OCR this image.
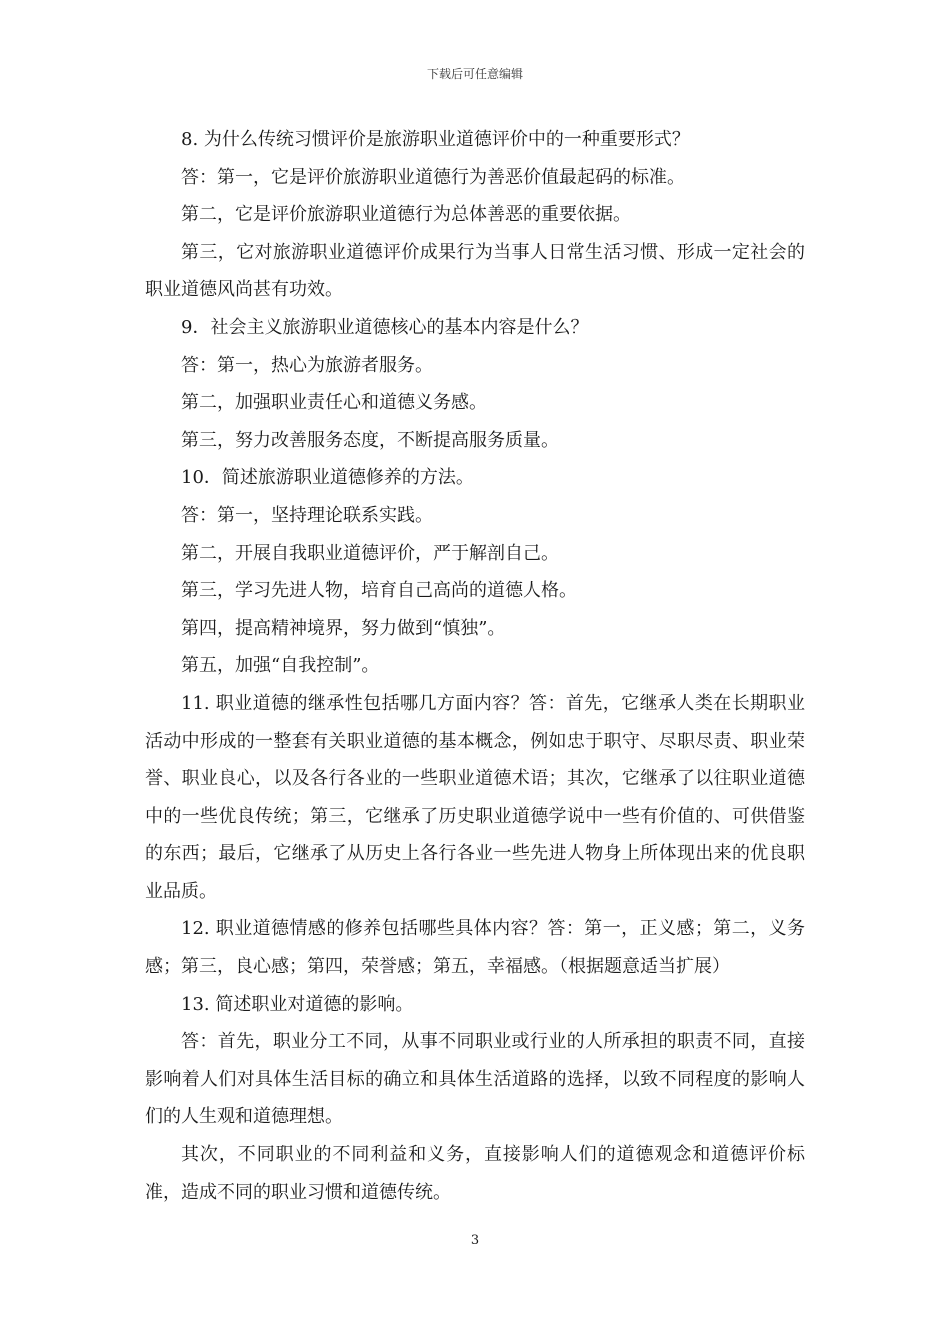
下载后可任意编辑
8. 为什么传统习惯评价是旅游职业道德评价中的一种重要形式？
答：第一，它是评价旅游职业道德行为善恶价值最起码的标准。
第二，它是评价旅游职业道德行为总体善恶的重要依据。

第三，它对旅游职业道德评价成果行为当事人日常生活习惯、形成一定社会的职业道德风尚甚有功效。

9．社会主义旅游职业道德核心的基本内容是什么？
答：第一，热心为旅游者服务。
第二，加强职业责任心和道德义务感。
第三，努力改善服务态度，不断提高服务质量。
10．简述旅游职业道德修养的方法。
答：第一，坚持理论联系实践。
第二，开展自我职业道德评价，严于解剖自己。
第三，学习先进人物，培育自己高尚的道德人格。
第四，提高精神境界，努力做到“慎独”。
第五，加强“自我控制”。

11. 职业道德的继承性包括哪几方面内容？答：首先，它继承人类在长期职业活动中形成的一整套有关职业道德的基本概念，例如忠于职守、尽职尽责、职业荣誉、职业良心，以及各行各业的一些职业道德术语；其次，它继承了以往职业道德中的一些优良传统；第三，它继承了历史职业道德学说中一些有价值的、可供借鉴的东西；最后，它继承了从历史上各行各业一些先进人物身上所体现出来的优良职业品质。

12. 职业道德情感的修养包括哪些具体内容？答：第一，正义感；第二，义务感；第三，良心感；第四，荣誉感；第五，幸福感。（根据题意适当扩展）

13. 简述职业对道德的影响。

答：首先，职业分工不同，从事不同职业或行业的人所承担的职责不同，直接影响着人们对具体生活目标的确立和具体生活道路的选择，以致不同程度的影响人们的人生观和道德理想。

其次，不同职业的不同利益和义务，直接影响人们的道德观念和道德评价标准，造成不同的职业习惯和道德传统。

3
